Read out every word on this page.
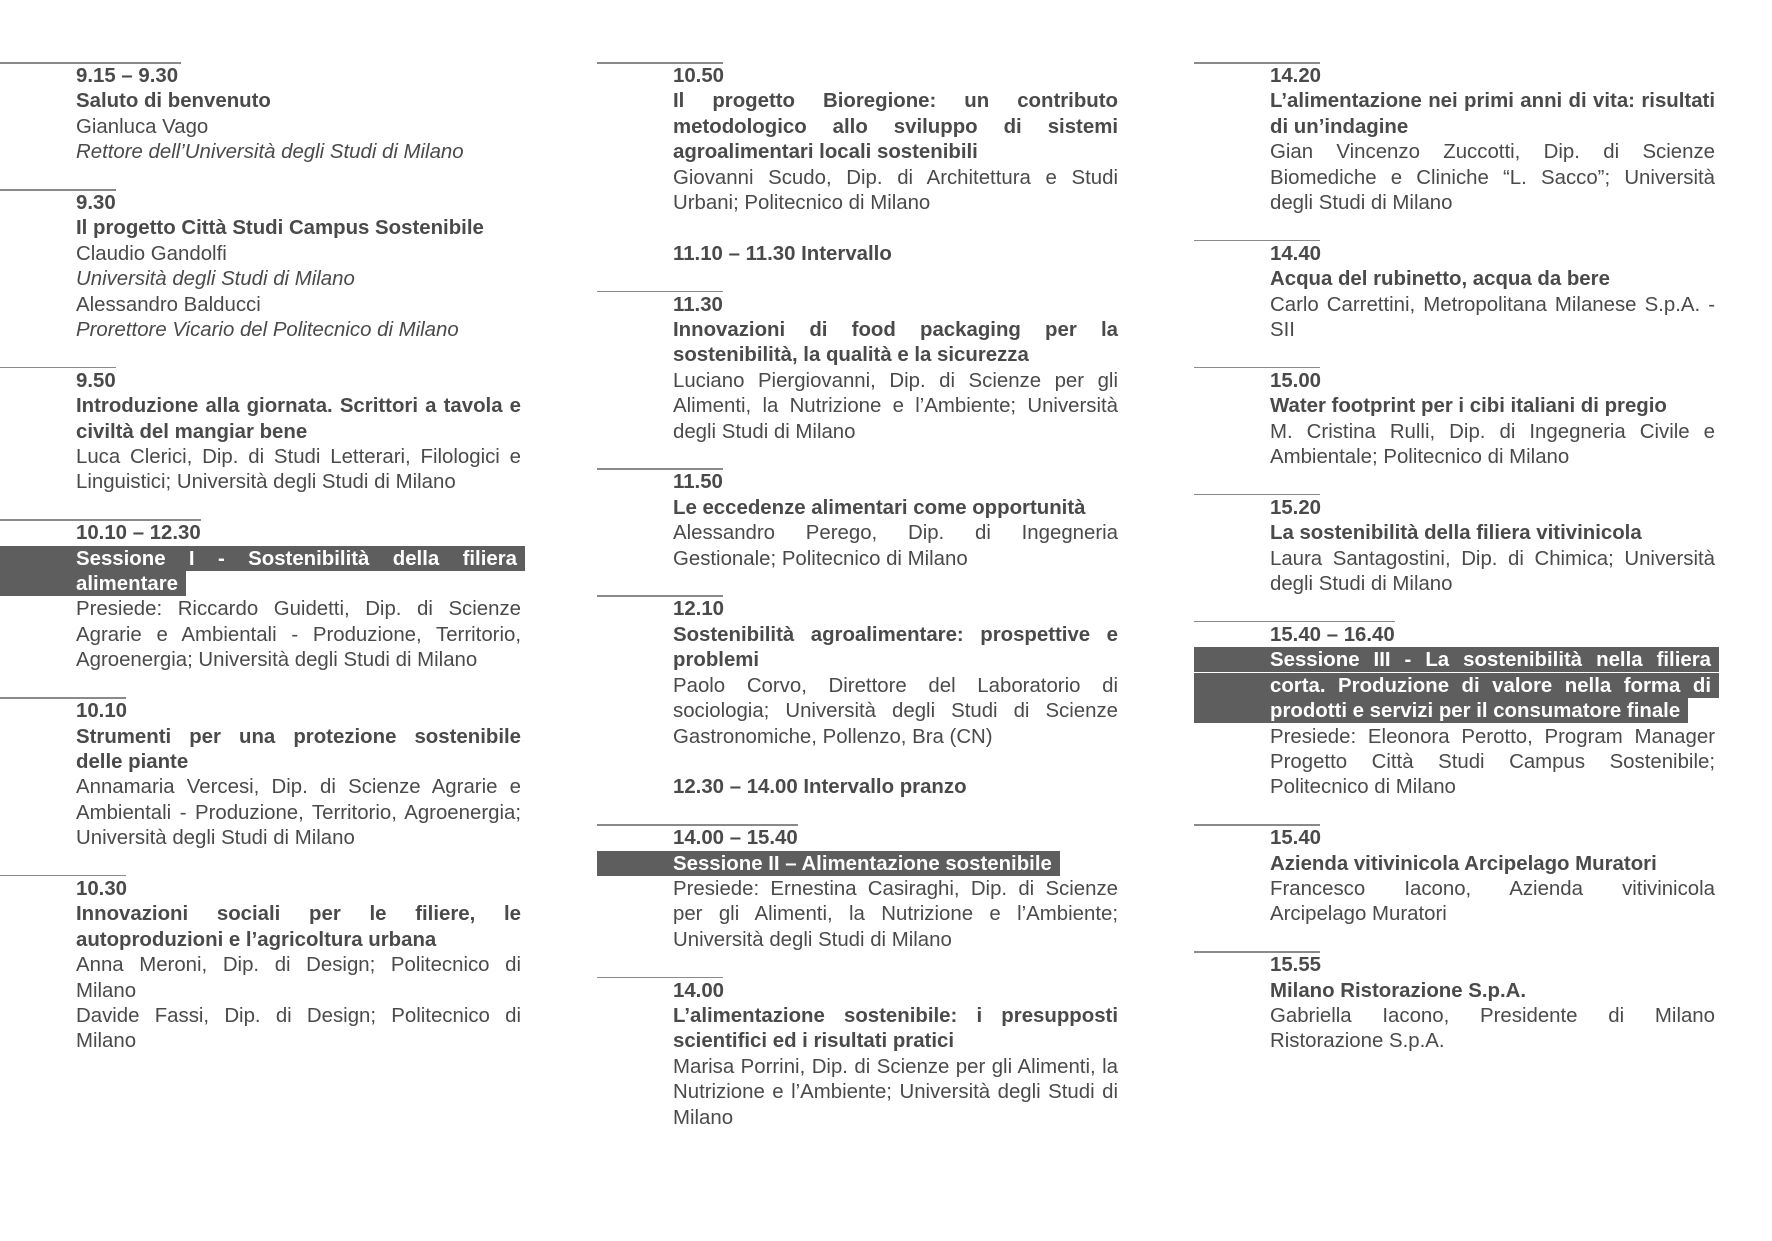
9.15 – 9.30

Saluto di benvenuto

Gianluca Vago

Rettore dell’Università degli Studi di Milano

9.30

Il progetto Città Studi Campus Sostenibile

Claudio Gandolfi

Università degli Studi di Milano

Alessandro Balducci

Prorettore Vicario del Politecnico di Milano

9.50

Introduzione alla giornata. Scrittori a tavola e civiltà del mangiar bene

Luca Clerici, Dip. di Studi Letterari, Filologici e Linguistici; Università degli Studi di Milano

10.10 – 12.30

Sessione I - Sostenibilità della filiera alimentare

Presiede: Riccardo Guidetti, Dip. di Scienze Agrarie e Ambientali - Produzione, Territorio, Agroenergia; Università degli Studi di Milano

10.10

Strumenti per una protezione sostenibile delle piante

Annamaria Vercesi, Dip. di Scienze Agrarie e Ambientali - Produzione, Territorio, Agroenergia; Università degli Studi di Milano

10.30

Innovazioni sociali per le filiere, le autoproduzioni e l’agricoltura urbana

Anna Meroni, Dip. di Design; Politecnico di Milano

Davide Fassi, Dip. di Design; Politecnico di Milano

10.50

Il progetto Bioregione: un contributo metodologico allo sviluppo di sistemi agroalimentari locali sostenibili

Giovanni Scudo, Dip. di Architettura e Studi Urbani; Politecnico di Milano

11.10 – 11.30 Intervallo

11.30

Innovazioni di food packaging per la sostenibilità, la qualità e la sicurezza

Luciano Piergiovanni, Dip. di Scienze per gli Alimenti, la Nutrizione e l’Ambiente; Università degli Studi di Milano

11.50

Le eccedenze alimentari come opportunità

Alessandro Perego, Dip. di Ingegneria Gestionale; Politecnico di Milano

12.10

Sostenibilità agroalimentare: prospettive e problemi

Paolo Corvo, Direttore del Laboratorio di sociologia; Università degli Studi di Scienze Gastronomiche, Pollenzo, Bra (CN)

12.30 – 14.00 Intervallo pranzo

14.00 – 15.40

Sessione II – Alimentazione sostenibile

Presiede: Ernestina Casiraghi, Dip. di Scienze per gli Alimenti, la Nutrizione e l’Ambiente; Università degli Studi di Milano

14.00

L’alimentazione sostenibile: i presupposti scientifici ed i risultati pratici

Marisa Porrini, Dip. di Scienze per gli Alimenti, la Nutrizione e l’Ambiente; Università degli Studi di Milano

14.20

L’alimentazione nei primi anni di vita: risultati di un’indagine

Gian Vincenzo Zuccotti, Dip. di Scienze Biomediche e Cliniche “L. Sacco”; Università degli Studi di Milano

14.40

Acqua del rubinetto, acqua da bere

Carlo Carrettini, Metropolitana Milanese S.p.A. - SII

15.00

Water footprint per i cibi italiani di pregio

M. Cristina Rulli, Dip. di Ingegneria Civile e Ambientale; Politecnico di Milano

15.20

La sostenibilità della filiera vitivinicola

Laura Santagostini, Dip. di Chimica; Università degli Studi di Milano

15.40 – 16.40

Sessione III - La sostenibilità nella filiera corta. Produzione di valore nella forma di prodotti e servizi per il consumatore finale

Presiede: Eleonora Perotto, Program Manager Progetto Città Studi Campus Sostenibile; Politecnico di Milano

15.40

Azienda vitivinicola Arcipelago Muratori

Francesco Iacono, Azienda vitivinicola Arcipelago Muratori

15.55

Milano Ristorazione S.p.A.

Gabriella Iacono, Presidente di Milano Ristorazione S.p.A.
